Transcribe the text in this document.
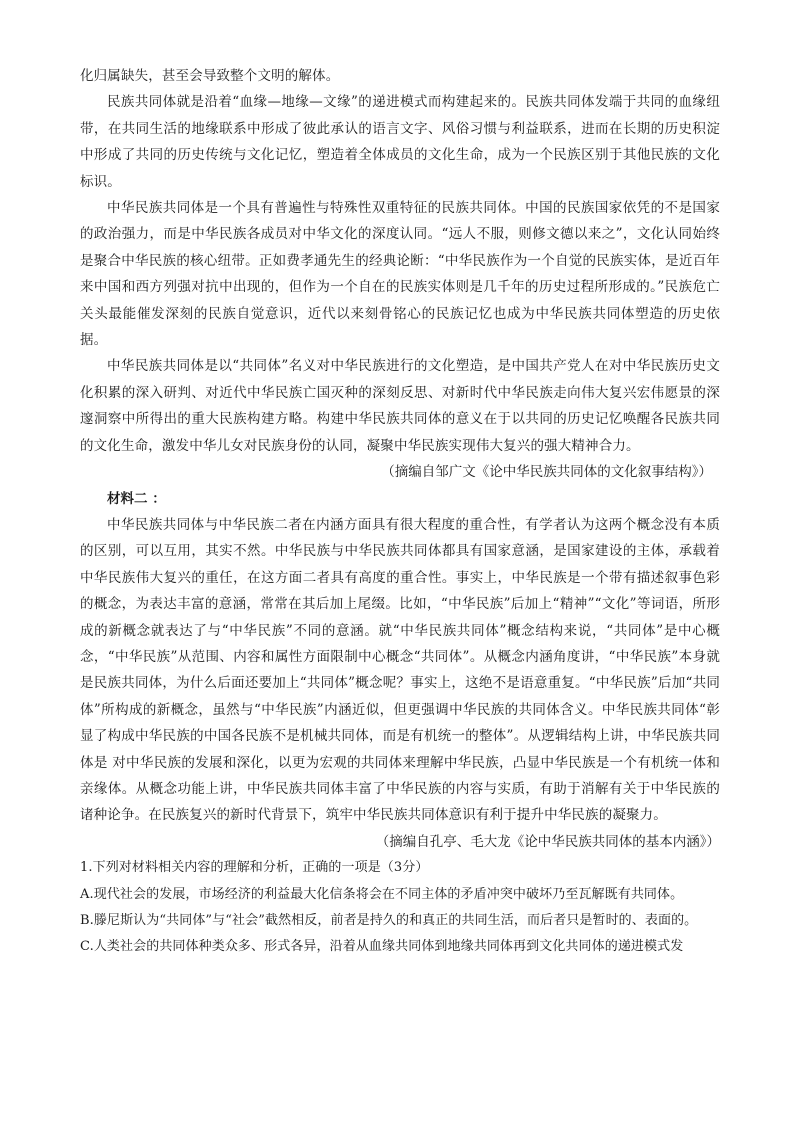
化归属缺失，甚至会导致整个文明的解体。

民族共同体就是沿着“血缘—地缘—文缘”的递进模式而构建起来的。民族共同体发端于共同的血缘纽带，在共同生活的地缘联系中形成了彼此承认的语言文字、风俗习惯与利益联系，进而在长期的历史积淀中形成了共同的历史传统与文化记忆，塑造着全体成员的文化生命，成为一个民族区别于其他民族的文化标识。

中华民族共同体是一个具有普遍性与特殊性双重特征的民族共同体。中国的民族国家依凭的不是国家的政治强力，而是中华民族各成员对中华文化的深度认同。“远人不服，则修文德以来之”，文化认同始终是聚合中华民族的核心纽带。正如费孝通先生的经典论断：“中华民族作为一个自觉的民族实体，是近百年来中国和西方列强对抗中出现的，但作为一个自在的民族实体则是几千年的历史过程所形成的。”民族危亡关头最能催发深刻的民族自觉意识，近代以来刻骨铭心的民族记忆也成为中华民族共同体塑造的历史依据。

中华民族共同体是以“共同体”名义对中华民族进行的文化塑造，是中国共产党人在对中华民族历史文化积累的深入研判、对近代中华民族亡国灭种的深刻反思、对新时代中华民族走向伟大复兴宏伟愿景的深邃洞察中所得出的重大民族构建方略。构建中华民族共同体的意义在于以共同的历史记忆唤醒各民族共同的文化生命，激发中华儿女对民族身份的认同，凝聚中华民族实现伟大复兴的强大精神合力。

（摘编自邹广文《论中华民族共同体的文化叙事结构》）

材料二 ：

中华民族共同体与中华民族二者在内涵方面具有很大程度的重合性，有学者认为这两个概念没有本质的区别，可以互用，其实不然。中华民族与中华民族共同体都具有国家意涵，是国家建设的主体，承载着中华民族伟大复兴的重任，在这方面二者具有高度的重合性。事实上，中华民族是一个带有描述叙事色彩的概念，为表达丰富的意涵，常常在其后加上尾缀。比如，“中华民族”后加上“精神”“文化”等词语，所形成的新概念就表达了与“中华民族”不同的意涵。就“中华民族共同体”概念结构来说，“共同体”是中心概念，“中华民族”从范围、内容和属性方面限制中心概念“共同体”。从概念内涵角度讲，“中华民族”本身就是民族共同体，为什么后面还要加上“共同体”概念呢？事实上，这绝不是语意重复。“中华民族”后加“共同体”所构成的新概念，虽然与“中华民族”内涵近似，但更强调中华民族的共同体含义。中华民族共同体“彰显了构成中华民族的中国各民族不是机械共同体，而是有机统一的整体”。从逻辑结构上讲，中华民族共同体是 对中华民族的发展和深化，以更为宏观的共同体来理解中华民族，凸显中华民族是一个有机统一体和亲缘体。从概念功能上讲，中华民族共同体丰富了中华民族的内容与实质，有助于消解有关于中华民族的诸种论争。在民族复兴的新时代背景下，筑牢中华民族共同体意识有利于提升中华民族的凝聚力。

（摘编自孔亭、毛大龙《论中华民族共同体的基本内涵》）

1.下列对材料相关内容的理解和分析，正确的一项是（3分）

A.现代社会的发展，市场经济的利益最大化信条将会在不同主体的矛盾冲突中破坏乃至瓦解既有共同体。

B.滕尼斯认为“共同体”与“社会”截然相反，前者是持久的和真正的共同生活，而后者只是暂时的、表面的。

C.人类社会的共同体种类众多、形式各异，沿着从血缘共同体到地缘共同体再到文化共同体的递进模式发
